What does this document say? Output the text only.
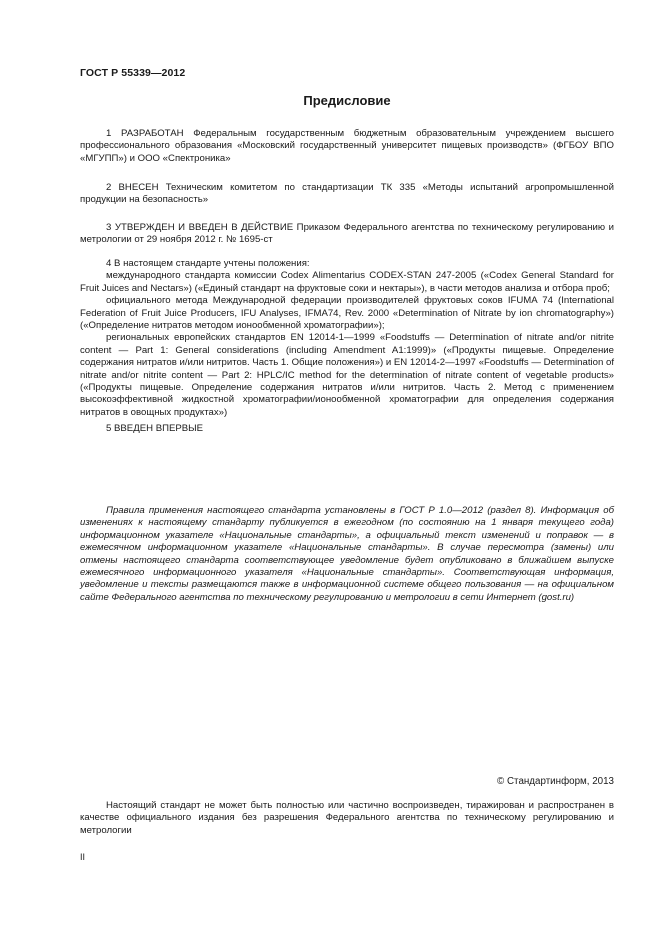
ГОСТ Р 55339—2012
Предисловие

1 РАЗРАБОТАН Федеральным государственным бюджетным образовательным учреждением высшего профессионального образования «Московский государственный университет пищевых производств» (ФГБОУ ВПО «МГУПП») и ООО «Спектроника»

2 ВНЕСЕН Техническим комитетом по стандартизации ТК 335 «Методы испытаний агропромышленной продукции на безопасность»

3 УТВЕРЖДЕН И ВВЕДЕН В ДЕЙСТВИЕ Приказом Федерального агентства по техническому регулированию и метрологии от 29 ноября 2012 г. № 1695-ст

4 В настоящем стандарте учтены положения:
международного стандарта комиссии Codex Alimentarius CODEX-STAN 247-2005 («Codex General Standard for Fruit Juices and Nectars») («Единый стандарт на фруктовые соки и нектары»), в части методов анализа и отбора проб;
официального метода Международной федерации производителей фруктовых соков IFUMA 74 (International Federation of Fruit Juice Producers, IFU Analyses, IFMA74, Rev. 2000 «Determination of Nitrate by ion chromatography») («Определение нитратов методом ионообменной хроматографии»);
региональных европейских стандартов EN 12014-1—1999 «Foodstuffs — Determination of nitrate and/or nitrite content — Part 1: General considerations (including Amendment A1:1999)» («Продукты пищевые. Определение содержания нитратов и/или нитритов. Часть 1. Общие положения») и EN 12014-2—1997 «Foodstuffs — Determination of nitrate and/or nitrite content — Part 2: HPLC/IC method for the determination of nitrate content of vegetable products» («Продукты пищевые. Определение содержания нитратов и/или нитритов. Часть 2. Метод с применением высокоэффективной жидкостной хроматографии/ионообменной хроматографии для определения содержания нитратов в овощных продуктах»)

5 ВВЕДЕН ВПЕРВЫЕ

Правила применения настоящего стандарта установлены в ГОСТ Р 1.0—2012 (раздел 8). Информация об изменениях к настоящему стандарту публикуется в ежегодном (по состоянию на 1 января текущего года) информационном указателе «Национальные стандарты», а официальный текст изменений и поправок — в ежемесячном информационном указателе «Национальные стандарты». В случае пересмотра (замены) или отмены настоящего стандарта соответствующее уведомление будет опубликовано в ближайшем выпуске ежемесячного информационного указателя «Национальные стандарты». Соответствующая информация, уведомление и тексты размещаются также в информационной системе общего пользования — на официальном сайте Федерального агентства по техническому регулированию и метрологии в сети Интернет (gost.ru)

© Стандартинформ, 2013

Настоящий стандарт не может быть полностью или частично воспроизведен, тиражирован и распространен в качестве официального издания без разрешения Федерального агентства по техническому регулированию и метрологии

II
